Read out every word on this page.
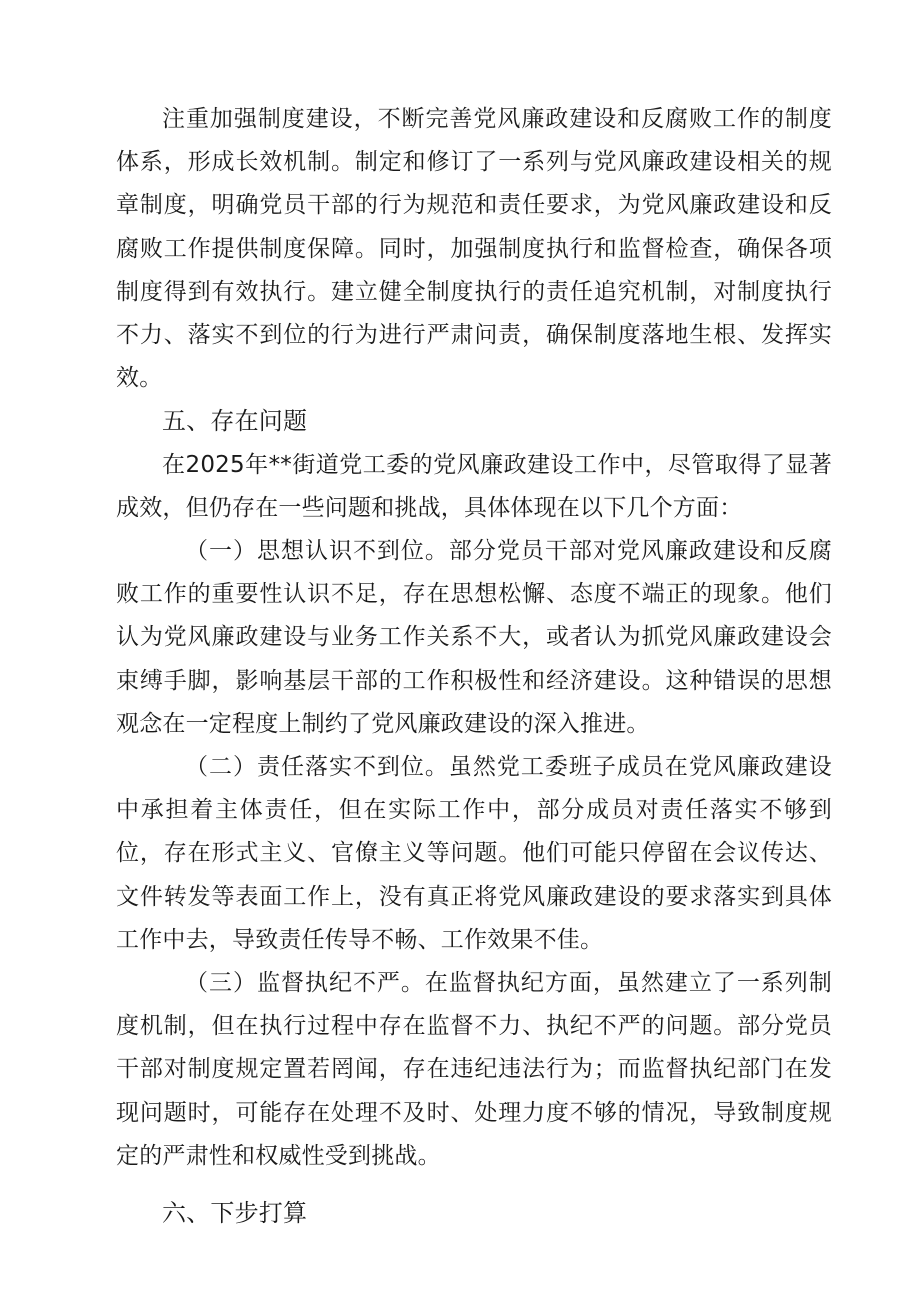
注重加强制度建设，不断完善党风廉政建设和反腐败工作的制度体系，形成长效机制。制定和修订了一系列与党风廉政建设相关的规章制度，明确党员干部的行为规范和责任要求，为党风廉政建设和反腐败工作提供制度保障。同时，加强制度执行和监督检查，确保各项制度得到有效执行。建立健全制度执行的责任追究机制，对制度执行不力、落实不到位的行为进行严肃问责，确保制度落地生根、发挥实效。

五、存在问题

在2025年**街道党工委的党风廉政建设工作中，尽管取得了显著成效，但仍存在一些问题和挑战，具体体现在以下几个方面：

（一）思想认识不到位。部分党员干部对党风廉政建设和反腐败工作的重要性认识不足，存在思想松懈、态度不端正的现象。他们认为党风廉政建设与业务工作关系不大，或者认为抓党风廉政建设会束缚手脚，影响基层干部的工作积极性和经济建设。这种错误的思想观念在一定程度上制约了党风廉政建设的深入推进。

（二）责任落实不到位。虽然党工委班子成员在党风廉政建设中承担着主体责任，但在实际工作中，部分成员对责任落实不够到位，存在形式主义、官僚主义等问题。他们可能只停留在会议传达、文件转发等表面工作上，没有真正将党风廉政建设的要求落实到具体工作中去，导致责任传导不畅、工作效果不佳。

（三）监督执纪不严。在监督执纪方面，虽然建立了一系列制度机制，但在执行过程中存在监督不力、执纪不严的问题。部分党员干部对制度规定置若罔闻，存在违纪违法行为；而监督执纪部门在发现问题时，可能存在处理不及时、处理力度不够的情况，导致制度规定的严肃性和权威性受到挑战。

六、下步打算
